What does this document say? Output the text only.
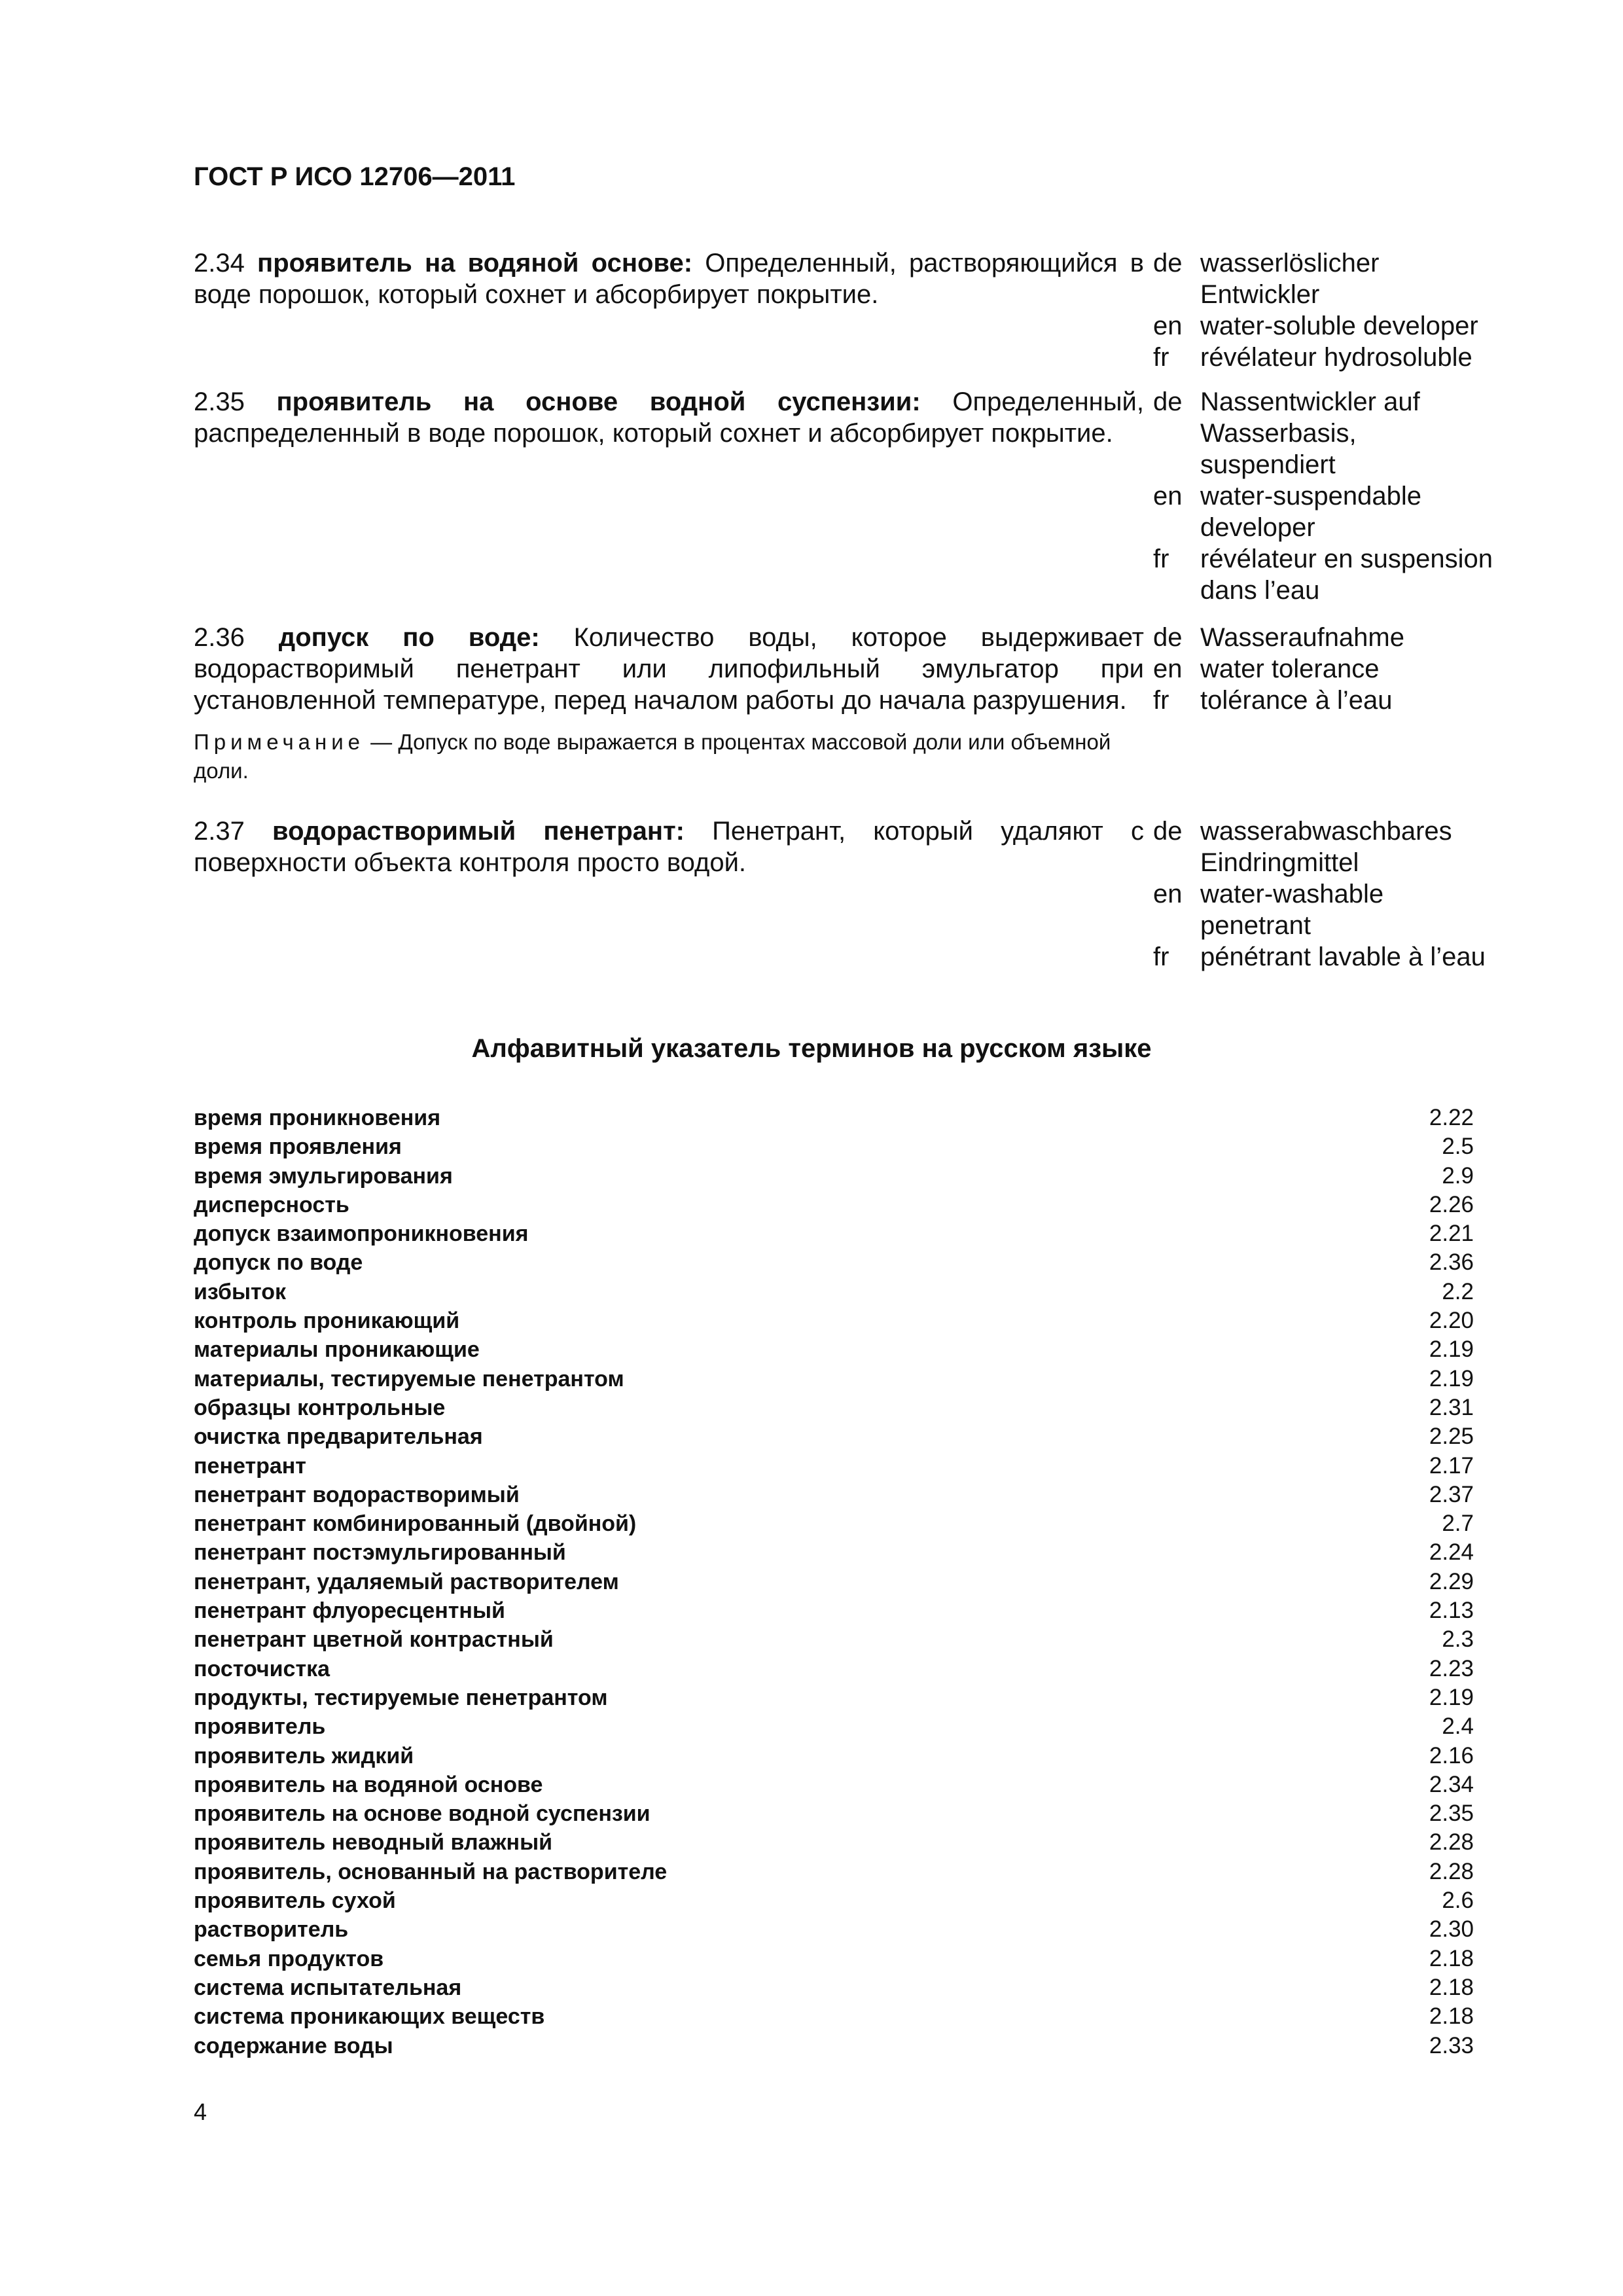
ГОСТ Р ИСО 12706—2011
2.34 проявитель на водяной основе: Определенный, растворяющийся в воде порошок, который сохнет и абсорбирует покрытие.
de wasserlöslicher
Entwickler
en water-soluble developer
fr	révélateur hydrosoluble
2.35 проявитель на основе водной суспензии: Определенный, распределенный в воде порошок, который сохнет и абсорбирует покрытие.
de Nassentwickler auf
Wasserbasis,
suspendiert
en water-suspendable
developer
fr	révélateur en suspension
dans l’eau
2.36 допуск по воде: Количество воды, которое выдерживает водорастворимый пенетрант или липофильный эмульгатор при установленной температуре, перед началом работы до начала разрушения.
Примечание — Допуск по воде выражается в процентах массовой доли или объемной доли.
de Wasseraufnahme
en water tolerance
fr	tolérance à l’eau
2.37 водорастворимый пенетрант: Пенетрант, который удаляют с поверхности объекта контроля просто водой.
de wasserabwaschbares
Eindringmittel
en water-washable
penetrant
fr	pénétrant lavable à l’eau
Алфавитный указатель терминов на русском языке
время проникновения	2.22
время проявления	2.5
время эмульгирования	2.9
дисперсность	2.26
допуск взаимопроникновения	2.21
допуск по воде	2.36
избыток	2.2
контроль проникающий	2.20
материалы проникающие	2.19
материалы, тестируемые пенетрантом	2.19
образцы контрольные	2.31
очистка предварительная	2.25
пенетрант	2.17
пенетрант водорастворимый	2.37
пенетрант комбинированный (двойной)	2.7
пенетрант постэмульгированный	2.24
пенетрант, удаляемый растворителем	2.29
пенетрант флуоресцентный	2.13
пенетрант цветной контрастный	2.3
посточистка	2.23
продукты, тестируемые пенетрантом	2.19
проявитель	2.4
проявитель жидкий	2.16
проявитель на водяной основе	2.34
проявитель на основе водной суспензии	2.35
проявитель неводный влажный	2.28
проявитель, основанный на растворителе	2.28
проявитель сухой	2.6
растворитель	2.30
семья продуктов	2.18
система испытательная	2.18
система проникающих веществ	2.18
содержание воды	2.33
4
